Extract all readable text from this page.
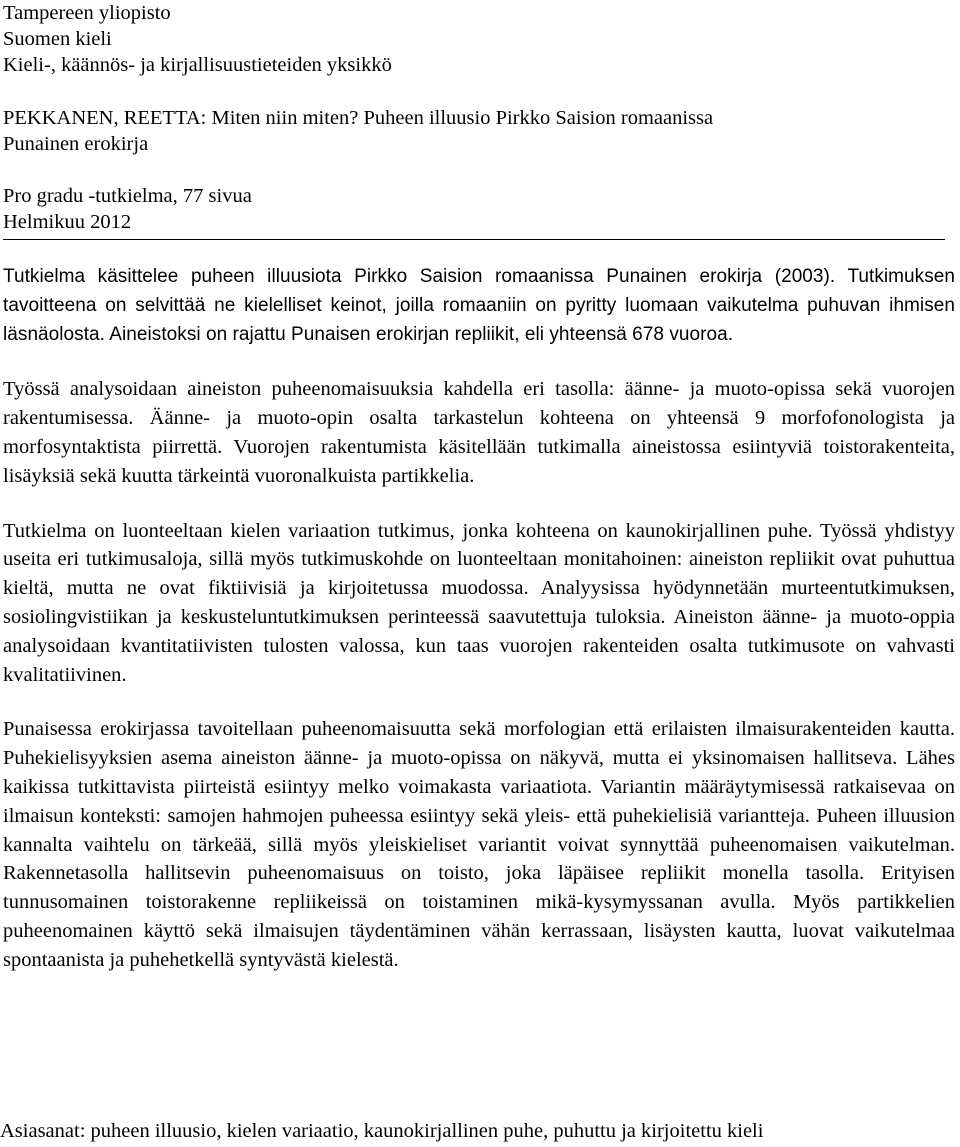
Tampereen yliopisto
Suomen kieli
Kieli-, käännös- ja kirjallisuustieteiden yksikkö
PEKKANEN, REETTA: Miten niin miten? Puheen illuusio Pirkko Saision romaanissa
Punainen erokirja
Pro gradu -tutkielma, 77 sivua
Helmikuu 2012

Tutkielma käsittelee puheen illuusiota Pirkko Saision romaanissa Punainen erokirja (2003). Tutkimuksen tavoitteena on selvittää ne kielelliset keinot, joilla romaaniin on pyritty luomaan vaikutelma puhuvan ihmisen läsnäolosta. Aineistoksi on rajattu Punaisen erokirjan repliikit, eli yhteensä 678 vuoroa.

Työssä analysoidaan aineiston puheenomaisuuksia kahdella eri tasolla: äänne- ja muoto-opissa sekä vuorojen rakentumisessa. Äänne- ja muoto-opin osalta tarkastelun kohteena on yhteensä 9 morfofonologista ja morfosyntaktista piirrettä. Vuorojen rakentumista käsitellään tutkimalla aineistossa esiintyviä toistorakenteita, lisäyksiä sekä kuutta tärkeintä vuoronalkuista partikkelia.

Tutkielma on luonteeltaan kielen variaation tutkimus, jonka kohteena on kaunokirjallinen puhe. Työssä yhdistyy useita eri tutkimusaloja, sillä myös tutkimuskohde on luonteeltaan monitahoinen: aineiston repliikit ovat puhuttua kieltä, mutta ne ovat fiktiivisiä ja kirjoitetussa muodossa. Analyysissa hyödynnetään murteentutkimuksen, sosiolingvistiikan ja keskusteluntutkimuksen perinteessä saavutettuja tuloksia. Aineiston äänne- ja muoto-oppia analysoidaan kvantitatiivisten tulosten valossa, kun taas vuorojen rakenteiden osalta tutkimusote on vahvasti kvalitatiivinen.

Punaisessa erokirjassa tavoitellaan puheenomaisuutta sekä morfologian että erilaisten ilmaisurakenteiden kautta. Puhekielisyyksien asema aineiston äänne- ja muoto-opissa on näkyvä, mutta ei yksinomaisen hallitseva. Lähes kaikissa tutkittavista piirteistä esiintyy melko voimakasta variaatiota. Variantin määräytymisessä ratkaisevaa on ilmaisun konteksti: samojen hahmojen puheessa esiintyy sekä yleis- että puhekielisiä variantteja. Puheen illuusion kannalta vaihtelu on tärkeää, sillä myös yleiskieliset variantit voivat synnyttää puheenomaisen vaikutelman. Rakennetasolla hallitsevin puheenomaisuus on toisto, joka läpäisee repliikit monella tasolla. Erityisen tunnusomainen toistorakenne repliikeissä on toistaminen mikä-kysymyssanan avulla. Myös partikkelien puheenomainen käyttö sekä ilmaisujen täydentäminen vähän kerrassaan, lisäysten kautta, luovat vaikutelmaa spontaanista ja puhehetkellä syntyvästä kielestä.

Asiasanat: puheen illuusio, kielen variaatio, kaunokirjallinen puhe, puhuttu ja kirjoitettu kieli
